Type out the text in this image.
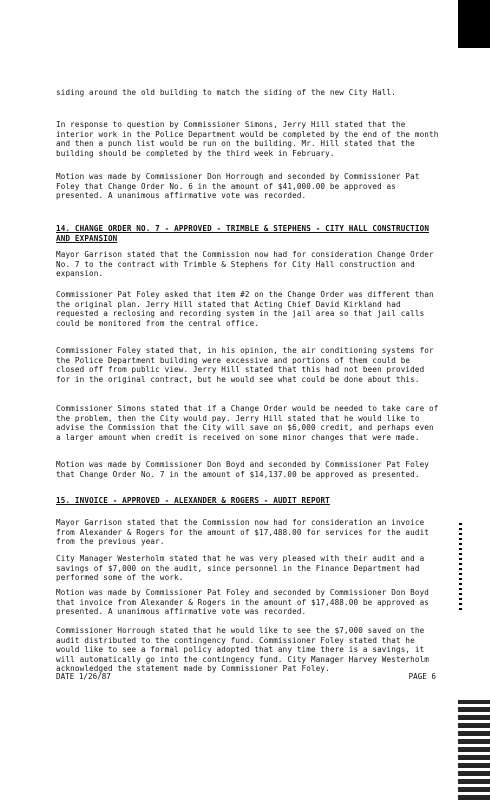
siding around the old building to match the siding of the new City Hall.

In response to question by Commissioner Simons, Jerry Hill stated that the interior work in the Police Department would be completed by the end of the month and then a punch list would be run on the building. Mr. Hill stated that the building should be completed by the third week in February.

Motion was made by Commissioner Don Horrough and seconded by Commissioner Pat Foley that Change Order No. 6 in the amount of $41,000.00 be approved as presented. A unanimous affirmative vote was recorded.

14. CHANGE ORDER NO. 7 - APPROVED - TRIMBLE & STEPHENS - CITY HALL CONSTRUCTION AND EXPANSION

Mayor Garrison stated that the Commission now had for consideration Change Order No. 7 to the contract with Trimble & Stephens for City Hall construction and expansion.

Commissioner Pat Foley asked that item #2 on the Change Order was different than the original plan. Jerry Hill stated that Acting Chief David Kirkland had requested a reclosing and recording system in the jail area so that jail calls could be monitored from the central office.

Commissioner Foley stated that, in his opinion, the air conditioning systems for the Police Department building were excessive and portions of them could be closed off from public view. Jerry Hill stated that this had not been provided for in the original contract, but he would see what could be done about this.

Commissioner Simons stated that if a Change Order would be needed to take care of the problem, then the City would pay. Jerry Hill stated that he would like to advise the Commission that the City will save on $6,000 credit, and perhaps even a larger amount when credit is received on some minor changes that were made.

Motion was made by Commissioner Don Boyd and seconded by Commissioner Pat Foley that Change Order No. 7 in the amount of $14,137.00 be approved as presented.

15. INVOICE - APPROVED - ALEXANDER & ROGERS - AUDIT REPORT

Mayor Garrison stated that the Commission now had for consideration an invoice from Alexander & Rogers for the amount of $17,488.00 for services for the audit from the previous year.

City Manager Westerholm stated that he was very pleased with their audit and a savings of $7,000 on the audit, since personnel in the Finance Department had performed some of the work.

Motion was made by Commissioner Pat Foley and seconded by Commissioner Don Boyd that invoice from Alexander & Rogers in the amount of $17,488.00 be approved as presented. A unanimous affirmative vote was recorded.

Commissioner Horrough stated that he would like to see the $7,000 saved on the audit distributed to the contingency fund. Commissioner Foley stated that he would like to see a formal policy adopted that any time there is a savings, it will automatically go into the contingency fund. City Manager Harvey Westerholm acknowledged the statement made by Commissioner Pat Foley.

DATE 1/26/87	PAGE 6
